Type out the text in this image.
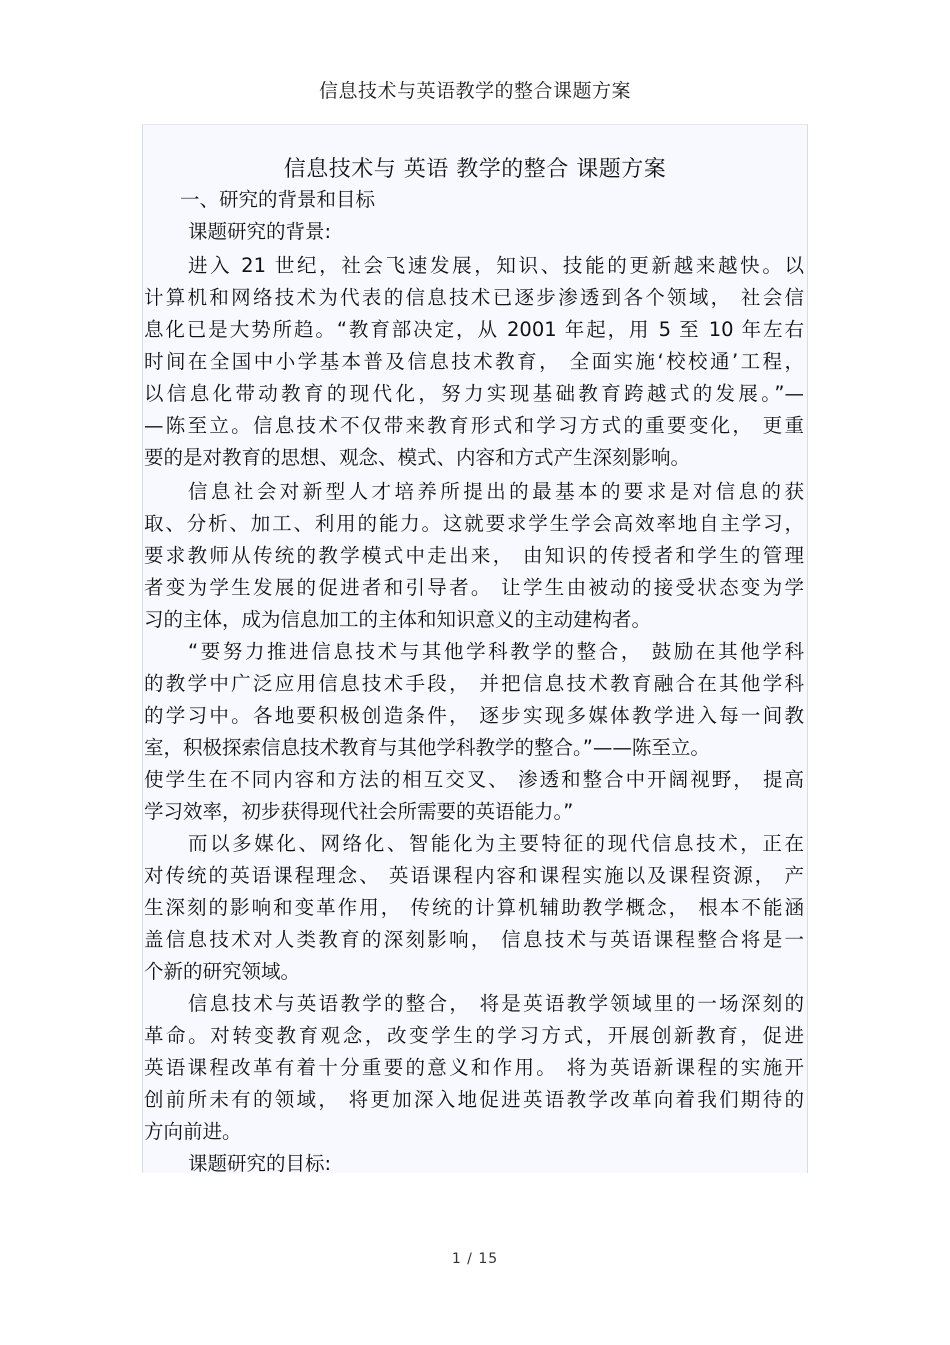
信息技术与英语教学的整合课题方案
信息技术与 英语 教学的整合 课题方案
一、研究的背景和目标
课题研究的背景:
进入 21 世纪，社会飞速发展，知识、技能的更新越来越快。以
计算机和网络技术为代表的信息技术已逐步渗透到各个领域， 社会信
息化已是大势所趋。“教育部决定，从 2001 年起，用 5 至 10 年左右
时间在全国中小学基本普及信息技术教育， 全面实施‘校校通’工程，
以信息化带动教育的现代化，努力实现基础教育跨越式的发展。”—
—陈至立。信息技术不仅带来教育形式和学习方式的重要变化， 更重
要的是对教育的思想、观念、模式、内容和方式产生深刻影响。
信息社会对新型人才培养所提出的最基本的要求是对信息的获
取、分析、加工、利用的能力。这就要求学生学会高效率地自主学习，
要求教师从传统的教学模式中走出来， 由知识的传授者和学生的管理
者变为学生发展的促进者和引导者。 让学生由被动的接受状态变为学
习的主体，成为信息加工的主体和知识意义的主动建构者。
“要努力推进信息技术与其他学科教学的整合， 鼓励在其他学科
的教学中广泛应用信息技术手段， 并把信息技术教育融合在其他学科
的学习中。各地要积极创造条件， 逐步实现多媒体教学进入每一间教
室，积极探索信息技术教育与其他学科教学的整合。”——陈至立。
使学生在不同内容和方法的相互交叉、 渗透和整合中开阔视野， 提高
学习效率，初步获得现代社会所需要的英语能力。”
而以多媒化、网络化、智能化为主要特征的现代信息技术，正在
对传统的英语课程理念、 英语课程内容和课程实施以及课程资源， 产
生深刻的影响和变革作用， 传统的计算机辅助教学概念， 根本不能涵
盖信息技术对人类教育的深刻影响， 信息技术与英语课程整合将是一
个新的研究领域。
信息技术与英语教学的整合， 将是英语教学领域里的一场深刻的
革命。对转变教育观念，改变学生的学习方式，开展创新教育，促进
英语课程改革有着十分重要的意义和作用。 将为英语新课程的实施开
创前所未有的领域， 将更加深入地促进英语教学改革向着我们期待的
方向前进。
课题研究的目标:
1 / 15
